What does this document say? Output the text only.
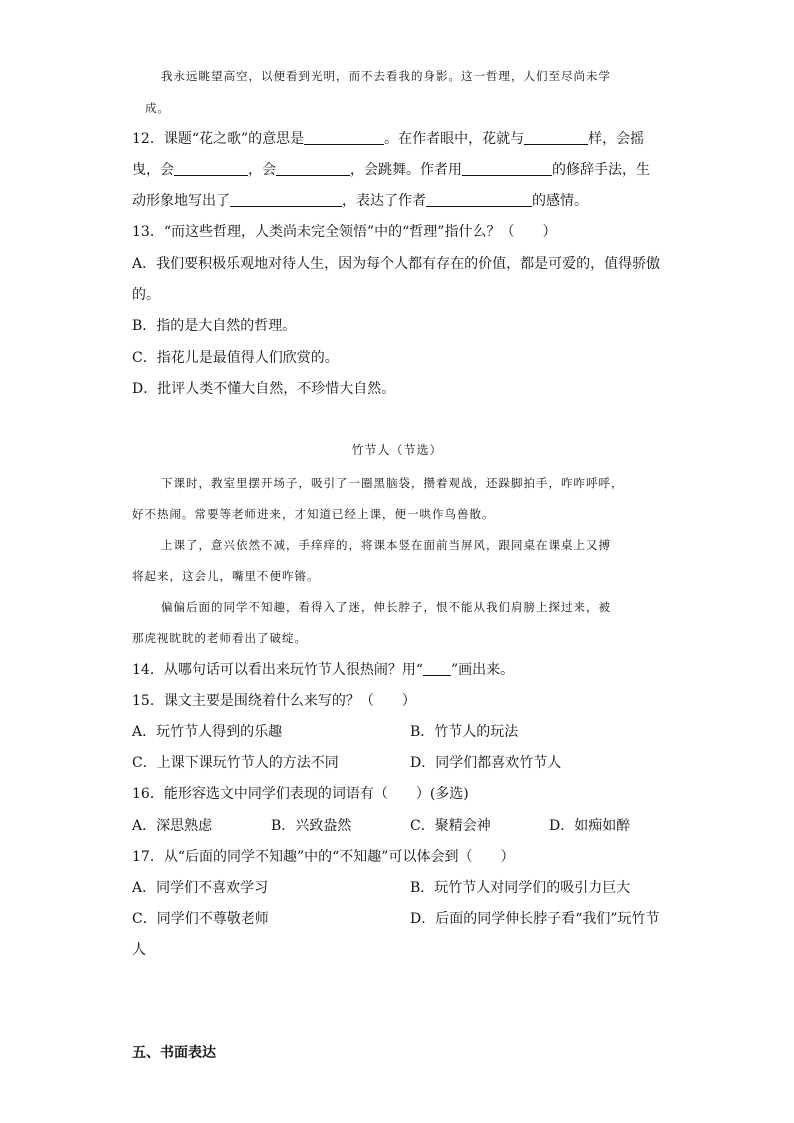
我永远眺望高空，以便看到光明，而不去看我的身影。这一哲理，人们至尽尚未学
成。
12．课题“花之歌”的意思是	。在作者眼中，花就与	样，会摇
曳，会	，会	，会跳舞。作者用	的修辞手法，生
动形象地写出了	，表达了作者	的感情。
13．“而这些哲理，人类尚未完全领悟”中的“哲理”指什么？（　　）
A．我们要积极乐观地对待人生，因为每个人都有存在的价值，都是可爱的，值得骄傲
的。
B．指的是大自然的哲理。
C．指花儿是最值得人们欣赏的。
D．批评人类不懂大自然，不珍惜大自然。
竹节人（节选）
下课时，教室里摆开场子，吸引了一圈黑脑袋，攒着观战，还跺脚拍手，咋咋呼呼，
好不热闹。常要等老师进来，才知道已经上课，便一哄作鸟兽散。
上课了，意兴依然不减，手痒痒的，将课本竖在面前当屏风，跟同桌在课桌上又搏
将起来，这会儿，嘴里不便咋锵。
偏偏后面的同学不知趣，看得入了迷，伸长脖子，恨不能从我们肩膀上探过来，被
那虎视眈眈的老师看出了破绽。
14．从哪句话可以看出来玩竹节人很热闹？用“ ”画出来。
15．课文主要是围绕着什么来写的？（　　）
A．玩竹节人得到的乐趣	B．竹节人的玩法
C．上课下课玩竹节人的方法不同	D．同学们都喜欢竹节人
16．能形容选文中同学们表现的词语有（　　）(多选)
A．深思熟虑	B．兴致盎然	C．聚精会神	D．如痴如醉
17．从“后面的同学不知趣”中的“不知趣”可以体会到（　　）
A．同学们不喜欢学习	B．玩竹节人对同学们的吸引力巨大
C．同学们不尊敬老师	D．后面的同学伸长脖子看“我们”玩竹节
人
五、书面表达
